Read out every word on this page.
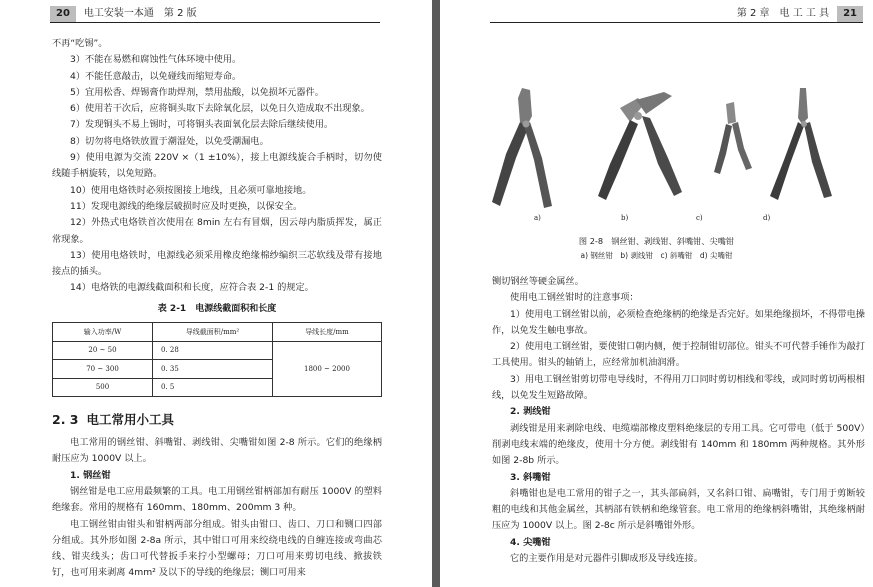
20	电工安装一本通　第 2 版

不再“吃锡”。

3）不能在易燃和腐蚀性气体环境中使用。

4）不能任意敲击，以免碰线而缩短寿命。

5）宜用松香、焊锡膏作助焊剂，禁用盐酸，以免损坏元器件。

6）使用若干次后，应将铜头取下去除氧化层，以免日久造成取不出现象。

7）发现铜头不易上锡时，可将铜头表面氧化层去除后继续使用。

8）切勿将电烙铁放置于潮湿处，以免受潮漏电。

9）使用电源为交流 220V ×（1 ±10%），接上电源线旋合手柄时，切勿使线随手柄旋转，以免短路。

10）使用电烙铁时必须按图接上地线，且必须可靠地接地。

11）发现电源线的绝缘层破损时应及时更换，以保安全。

12）外热式电烙铁首次使用在 8min 左右有冒烟，因云母内脂质挥发，属正常现象。

13）使用电烙铁时，电源线必须采用橡皮绝缘棉纱编织三芯软线及带有接地接点的插头。

14）电烙铁的电源线截面积和长度，应符合表 2-1 的规定。

表 2-1　电源线截面积和长度
输入功率/W	导线截面积/mm²	导线长度/mm
20 ~ 50	0. 28	1800 ~ 2000
70 ~ 300	0. 35	
500	0. 5	
2. 3 电工常用小工具

电工常用的钢丝钳、斜嘴钳、剥线钳、尖嘴钳如图 2-8 所示。它们的绝缘柄耐压应为 1000V 以上。

1. 钢丝钳

钢丝钳是电工应用最频繁的工具。电工用钢丝钳柄部加有耐压 1000V 的塑料绝缘套。常用的规格有 160mm、180mm、200mm 3 种。

电工钢丝钳由钳头和钳柄两部分组成。钳头由钳口、齿口、刀口和铡口四部分组成。其外形如图 2-8a 所示，其中钳口可用来绞绕电线的自缠连接或弯曲芯线、钳夹线头；齿口可代替扳手来拧小型螺母；刀口可用来剪切电线、掀拔铁钉，也可用来剥离 4mm² 及以下的导线的绝缘层；铡口可用来

第 2 章　电 工 工 具	21
a)	b)	c)	d)
图 2-8　钢丝钳、剥线钳、斜嘴钳、尖嘴钳
a) 钢丝钳　b) 剥线钳　c) 斜嘴钳　d) 尖嘴钳

铡切钢丝等硬金属丝。

使用电工钢丝钳时的注意事项：

1）使用电工钢丝钳以前，必须检查绝缘柄的绝缘是否完好。如果绝缘损坏，不得带电操作，以免发生触电事故。

2）使用电工钢丝钳，要使钳口朝内侧，便于控制钳切部位。钳头不可代替手锤作为敲打工具使用。钳头的轴销上，应经常加机油润滑。

3）用电工钢丝钳剪切带电导线时，不得用刀口同时剪切相线和零线，或同时剪切两根相线，以免发生短路故障。

2. 剥线钳

剥线钳是用来剥除电线、电缆端部橡皮塑料绝缘层的专用工具。它可带电（低于 500V）削剥电线末端的绝缘皮，使用十分方便。剥线钳有 140mm 和 180mm 两种规格。其外形如图 2-8b 所示。

3. 斜嘴钳

斜嘴钳也是电工常用的钳子之一，其头部扁斜，又名斜口钳、扁嘴钳，专门用于剪断较粗的电线和其他金属丝，其柄部有铁柄和绝缘管套。电工常用的绝缘柄斜嘴钳，其绝缘柄耐压应为 1000V 以上。图 2-8c 所示是斜嘴钳外形。

4. 尖嘴钳

它的主要作用是对元器件引脚成形及导线连接。
